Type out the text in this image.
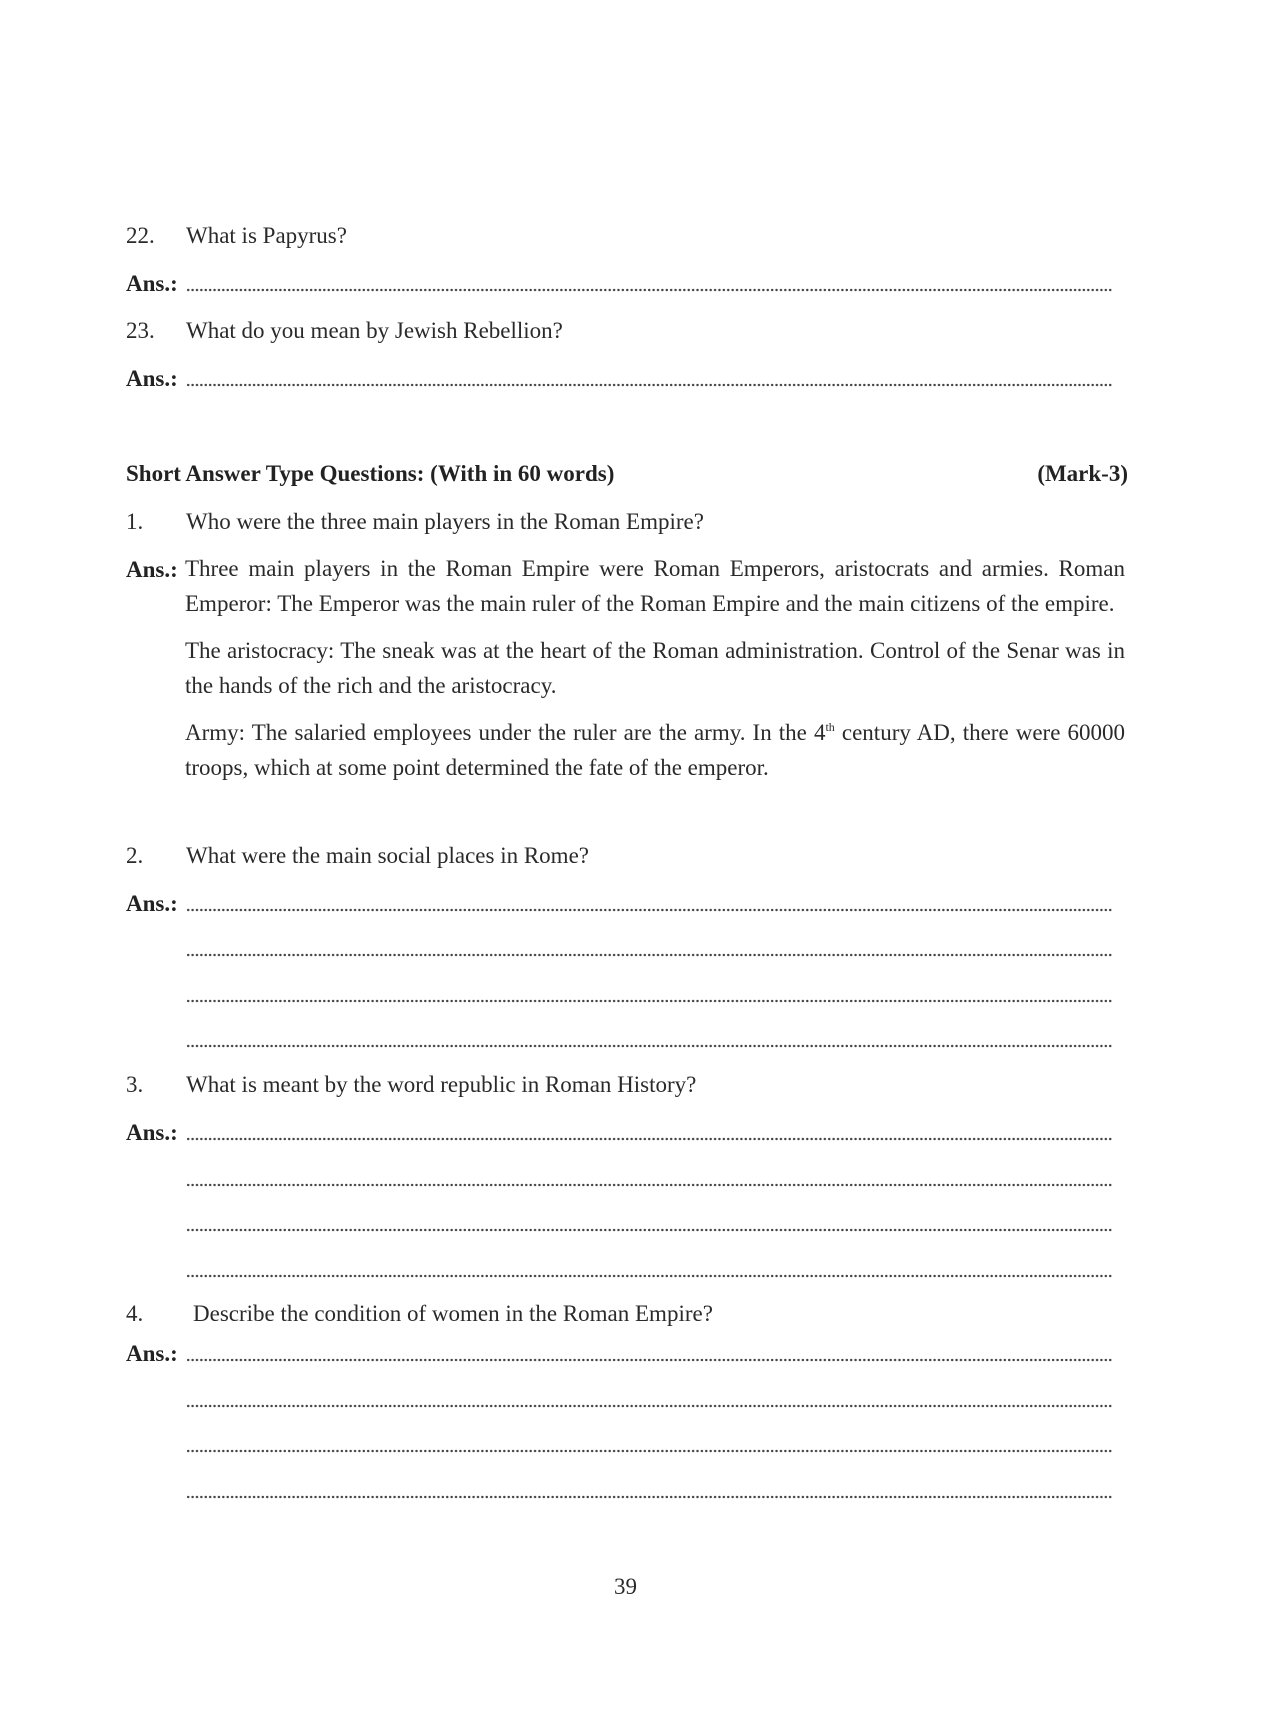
22. What is Papyrus?
Ans.:
23. What do you mean by Jewish Rebellion?
Ans.:
Short Answer Type Questions: (With in 60 words)	(Mark-3)
1. Who were the three main players in the Roman Empire?
Ans.: Three main players in the Roman Empire were Roman Emperors, aristocrats and armies. Roman Emperor: The Emperor was the main ruler of the Roman Empire and the main citizens of the empire.

The aristocracy: The sneak was at the heart of the Roman administration. Control of the Senar was in the hands of the rich and the aristocracy.

Army: The salaried employees under the ruler are the army. In the 4th century AD, there were 60000 troops, which at some point determined the fate of the emperor.

2. What were the main social places in Rome?
Ans.:
3. What is meant by the word republic in Roman History?
Ans.:
4. Describe the condition of women in the Roman Empire?
Ans.:
39
